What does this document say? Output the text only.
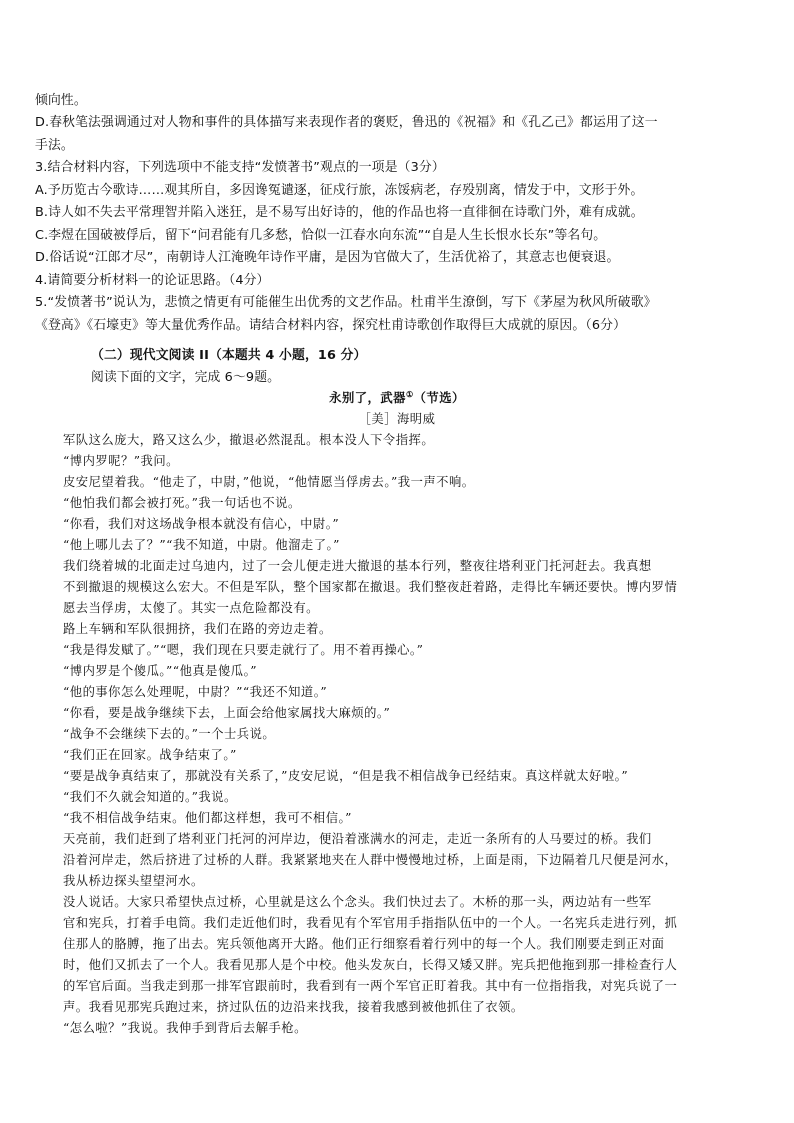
倾向性。
D.春秋笔法强调通过对人物和事件的具体描写来表现作者的褒贬，鲁迅的《祝福》和《孔乙己》都运用了这一
手法。
3.结合材料内容，下列选项中不能支持“发愤著书”观点的一项是（3分）
A.予历览古今歌诗……观其所自，多因谗冤谴逐，征戍行旅，冻馁病老，存殁别离，情发于中，文形于外。
B.诗人如不失去平常理智并陷入迷狂，是不易写出好诗的，他的作品也将一直徘徊在诗歌门外，难有成就。
C.李煜在国破被俘后，留下“问君能有几多愁，恰似一江春水向东流”“自是人生长恨水长东”等名句。
D.俗话说“江郎才尽”，南朝诗人江淹晚年诗作平庸，是因为官做大了，生活优裕了，其意志也便衰退。
4.请简要分析材料一的论证思路。（4分）
5.“发愤著书”说认为，悲愤之情更有可能催生出优秀的文艺作品。杜甫半生潦倒，写下《茅屋为秋风所破歌》
《登高》《石壕吏》等大量优秀作品。请结合材料内容，探究杜甫诗歌创作取得巨大成就的原因。（6分）
（二）现代文阅读 II（本题共 4 小题，16 分）
阅读下面的文字，完成 6～9题。
永别了，武器①（节选）
［美］海明威
军队这么庞大，路又这么少，撤退必然混乱。根本没人下令指挥。
“博内罗呢？”我问。
皮安尼望着我。“他走了，中尉，”他说，“他情愿当俘虏去。”我一声不响。
“他怕我们都会被打死。”我一句话也不说。
“你看，我们对这场战争根本就没有信心，中尉。”
“他上哪儿去了？”“我不知道，中尉。他溜走了。”
我们绕着城的北面走过乌迪内，过了一会儿便走进大撤退的基本行列，整夜往塔利亚门托河赶去。我真想
不到撤退的规模这么宏大。不但是军队，整个国家都在撤退。我们整夜赶着路，走得比车辆还要快。博内罗情
愿去当俘虏，太傻了。其实一点危险都没有。
路上车辆和军队很拥挤，我们在路的旁边走着。
“我是得发赋了。”“嗯，我们现在只要走就行了。用不着再操心。”
“博内罗是个傻瓜。”“他真是傻瓜。”
“他的事你怎么处理呢，中尉？”“我还不知道。”
“你看，要是战争继续下去，上面会给他家属找大麻烦的。”
“战争不会继续下去的。”一个士兵说。
“我们正在回家。战争结束了。”
“要是战争真结束了，那就没有关系了，”皮安尼说，“但是我不相信战争已经结束。真这样就太好啦。”
“我们不久就会知道的。”我说。
“我不相信战争结束。他们都这样想，我可不相信。”
天亮前，我们赶到了塔利亚门托河的河岸边，便沿着涨满水的河走，走近一条所有的人马要过的桥。我们
沿着河岸走，然后挤进了过桥的人群。我紧紧地夹在人群中慢慢地过桥，上面是雨，下边隔着几尺便是河水，
我从桥边探头望望河水。
没人说话。大家只希望快点过桥，心里就是这么个念头。我们快过去了。木桥的那一头，两边站有一些军
官和宪兵，打着手电筒。我们走近他们时，我看见有个军官用手指指队伍中的一个人。一名宪兵走进行列，抓
住那人的胳膊，拖了出去。宪兵领他离开大路。他们正行细察看着行列中的每一个人。我们刚要走到正对面
时，他们又抓去了一个人。我看见那人是个中校。他头发灰白，长得又矮又胖。宪兵把他拖到那一排检查行人
的军官后面。当我走到那一排军官跟前时，我看到有一两个军官正盯着我。其中有一位指指我，对宪兵说了一
声。我看见那宪兵跑过来，挤过队伍的边沿来找我，接着我感到被他抓住了衣领。
“怎么啦？”我说。我伸手到背后去解手枪。
